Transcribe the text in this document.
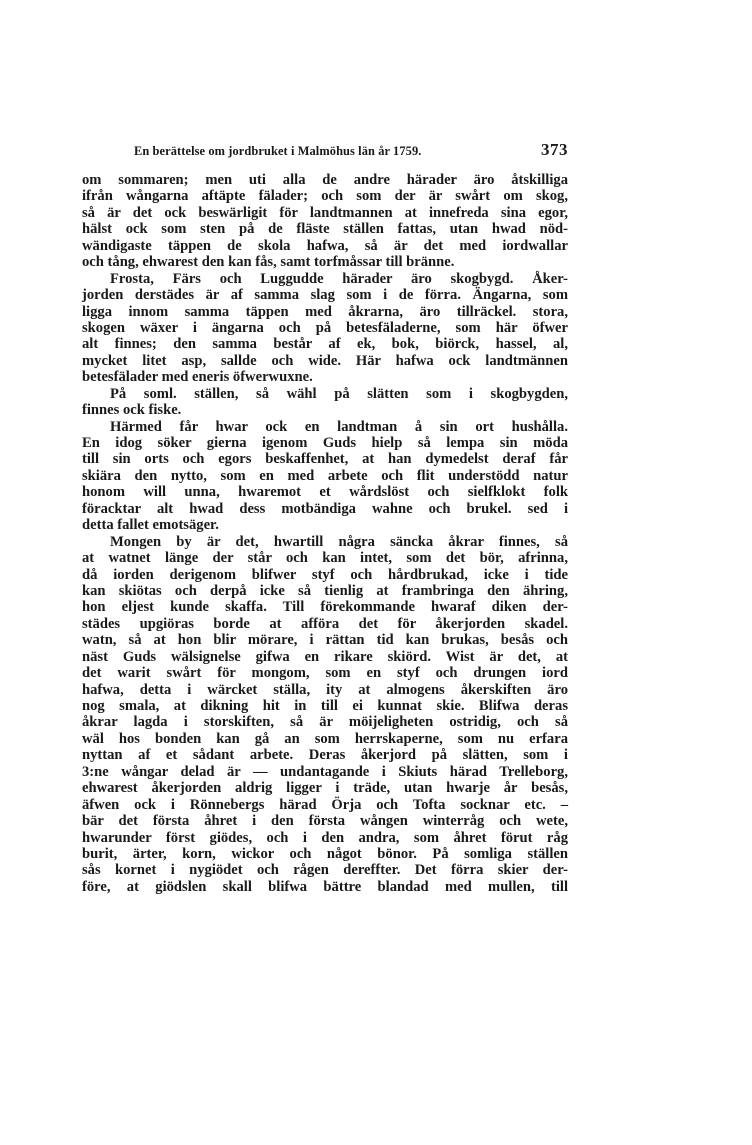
En berättelse om jordbruket i Malmöhus län år 1759.	373
om sommaren; men uti alla de andre härader äro åtskilliga
ifrån wångarna aftäpte fälader; och som der är swårt om skog,
så är det ock beswärligit för landtmannen at innefreda sina egor,
hälst ock som sten på de fläste ställen fattas, utan hwad nöd-
wändigaste täppen de skola hafwa, så är det med iordwallar
och tång, ehwarest den kan fås, samt torfmåssar till bränne.
Frosta, Färs och Luggudde härader äro skogbygd. Åker-
jorden derstädes är af samma slag som i de förra. Ängarna, som
ligga innom samma täppen med åkrarna, äro tillräckel. stora,
skogen wäxer i ängarna och på betesfäladerne, som här öfwer
alt finnes; den samma består af ek, bok, biörck, hassel, al,
mycket litet asp, sallde och wide. Här hafwa ock landtmännen
betesfälader med eneris öfwerwuxne.
På soml. ställen, så wähl på slätten som i skogbygden,
finnes ock fiske.
Härmed får hwar ock en landtman å sin ort hushålla.
En idog söker gierna igenom Guds hielp så lempa sin möda
till sin orts och egors beskaffenhet, at han dymedelst deraf får
skiära den nytto, som en med arbete och flit understödd natur
honom will unna, hwaremot et wårdslöst och sielfklokt folk
föracktar alt hwad dess motbändiga wahne och brukel. sed i
detta fallet emotsäger.
Mongen by är det, hwartill några sänckа åkrar finnes, så
at watnet länge der står och kan intet, som det bör, afrinna,
då iorden derigenom blifwer styf och hårdbrukad, icke i tide
kan skiötas och derpå icke så tienlig at frambringa den ähring,
hon eljest kunde skaffa. Till förekommande hwaraf diken der-
städes upgiöras borde at afföra det för åkerjorden skadel.
watn, så at hon blir mörare, i rättan tid kan brukas, besås och
näst Guds wälsignelse gifwa en rikare skiörd. Wist är det, at
det warit swårt för mongom, som en styf och drungen iord
hafwa, detta i wärcket ställa, ity at almogens åkerskiften äro
nog smala, at dikning hit in till ei kunnat skie. Blifwa deras
åkrar lagda i storskiften, så är möijeligheten ostridig, och så
wäl hos bonden kan gå an som herrskaperne, som nu erfara
nyttan af et sådant arbete. Deras åkerjord på slätten, som i
3:ne wångar delad är — undantagande i Skiuts härad Trelleborg,
ehwarest åkerjorden aldrig ligger i träde, utan hwarje år besås,
äfwen ock i Rönnebergs härad Örja och Tofta socknar etc. –
bär det första åhret i den första wången winterråg och wete,
hwarunder först giödes, och i den andra, som åhret förut råg
burit, ärter, korn, wickor och något bönor. På somliga ställen
sås kornet i nygiödet och rågen dereffter. Det förra skier der-
före, at giödslen skall blifwa bättre blandad med mullen, till
